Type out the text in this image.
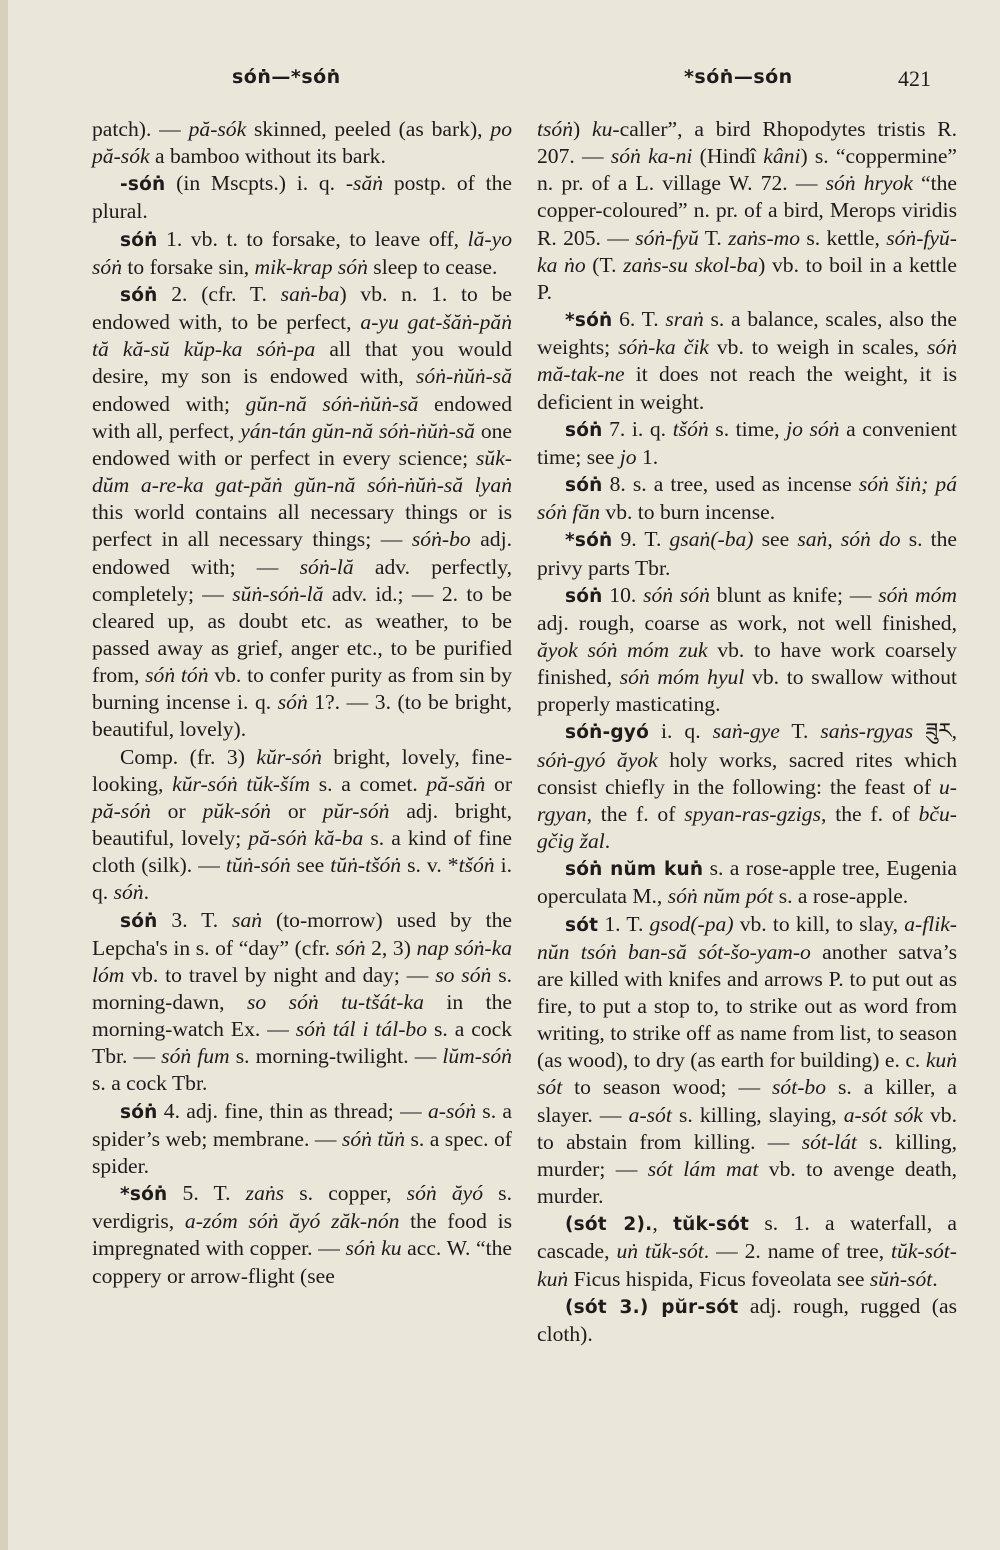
sóṅ—*sóṅ	*sóṅ—són	421

patch). — pă-sók skinned, peeled (as bark), po pă-sók a bamboo without its bark.

-sóṅ (in Mscpts.) i. q. -săṅ postp. of the plural.

sóṅ 1. vb. t. to forsake, to leave off, lă-yo sóṅ to forsake sin, mik-krap sóṅ sleep to cease.

sóṅ 2. (cfr. T. saṅ-ba) vb. n. 1. to be endowed with, to be perfect, a-yu gat-šăṅ-păṅ tă kă-sŭ kŭp-ka sóṅ-pa all that you would desire, my son is endowed with, sóṅ-ṅŭṅ-să endowed with; gŭn-nă sóṅ-ṅŭṅ-să endowed with all, perfect, yán-tán gŭn-nă sóṅ-ṅŭṅ-să one endowed with or perfect in every science; sŭk-dŭm a-re-ka gat-păṅ gŭn-nă sóṅ-ṅŭṅ-să lyaṅ this world contains all necessary things or is perfect in all necessary things; — sóṅ-bo adj. endowed with; — sóṅ-lă adv. perfectly, completely; — sŭṅ-sóṅ-lă adv. id.; — 2. to be cleared up, as doubt etc. as weather, to be passed away as grief, anger etc., to be purified from, sóṅ tóṅ vb. to confer purity as from sin by burning incense i. q. sóṅ 1?. — 3. (to be bright, beautiful, lovely).

Comp. (fr. 3) kŭr-sóṅ bright, lovely, fine-looking, kŭr-sóṅ tŭk-ším s. a comet. pă-săṅ or pă-sóṅ or pŭk-sóṅ or pŭr-sóṅ adj. bright, beautiful, lovely; pă-sóṅ kă-ba s. a kind of fine cloth (silk). — tŭṅ-sóṅ see tŭṅ-tšóṅ s. v. *tšóṅ i. q. sóṅ.

sóṅ 3. T. saṅ (to-morrow) used by the Lepcha's in s. of “day” (cfr. sóṅ 2, 3) nap sóṅ-ka lóm vb. to travel by night and day; — so sóṅ s. morning-dawn, so sóṅ tu-tšát-ka in the morning-watch Ex. — sóṅ tál i tál-bo s. a cock Tbr. — sóṅ fum s. morning-twilight. — lŭm-sóṅ s. a cock Tbr.

sóṅ 4. adj. fine, thin as thread; — a-sóṅ s. a spider’s web; membrane. — sóṅ tŭṅ s. a spec. of spider.

*sóṅ 5. T. zaṅs s. copper, sóṅ ăyó s. verdigris, a-zóm sóṅ ăyó zăk-nón the food is impregnated with copper. — sóṅ ku acc. W. “the coppery or arrow-flight (see

tsóṅ) ku-caller”, a bird Rhopodytes tristis R. 207. — sóṅ ka-ni (Hindî kâni) s. “coppermine” n. pr. of a L. village W. 72. — sóṅ hryok “the copper-coloured” n. pr. of a bird, Merops viridis R. 205. — sóṅ-fyŭ T. zaṅs-mo s. kettle, sóṅ-fyŭ-ka ṅo (T. zaṅs-su skol-ba) vb. to boil in a kettle P.

*sóṅ 6. T. sraṅ s. a balance, scales, also the weights; sóṅ-ka čik vb. to weigh in scales, sóṅ mă-tak-ne it does not reach the weight, it is deficient in weight.

sóṅ 7. i. q. tšóṅ s. time, jo sóṅ a convenient time; see jo 1.

sóṅ 8. s. a tree, used as incense sóṅ šiṅ; pá sóṅ făn vb. to burn incense.

*sóṅ 9. T. gsaṅ(-ba) see saṅ, sóṅ do s. the privy parts Tbr.

sóṅ 10. sóṅ sóṅ blunt as knife; — sóṅ móm adj. rough, coarse as work, not well finished, ăyok sóṅ móm zuk vb. to have work coarsely finished, sóṅ móm hyul vb. to swallow without properly masticating.

sóṅ-gyó i. q. saṅ-gye T. saṅs-rgyas ཟུར, sóṅ-gyó ăyok holy works, sacred rites which consist chiefly in the following: the feast of u-rgyan, the f. of spyan-ras-gzigs, the f. of bču-gčig žal.

sóṅ nŭm kuṅ s. a rose-apple tree, Eugenia operculata M., sóṅ nŭm pót s. a rose-apple.

sót 1. T. gsod(-pa) vb. to kill, to slay, a-flik-nŭn tsóṅ ban-să sót-šo-yam-o another satva’s are killed with knifes and arrows P. to put out as fire, to put a stop to, to strike out as word from writing, to strike off as name from list, to season (as wood), to dry (as earth for building) e. c. kuṅ sót to season wood; — sót-bo s. a killer, a slayer. — a-sót s. killing, slaying, a-sót sók vb. to abstain from killing. — sót-lát s. killing, murder; — sót lám mat vb. to avenge death, murder.

(sót 2)., tŭk-sót s. 1. a waterfall, a cascade, uṅ tŭk-sót. — 2. name of tree, tŭk-sót-kuṅ Ficus hispida, Ficus foveolata see sŭṅ-sót.

(sót 3.) pŭr-sót adj. rough, rugged (as cloth).
